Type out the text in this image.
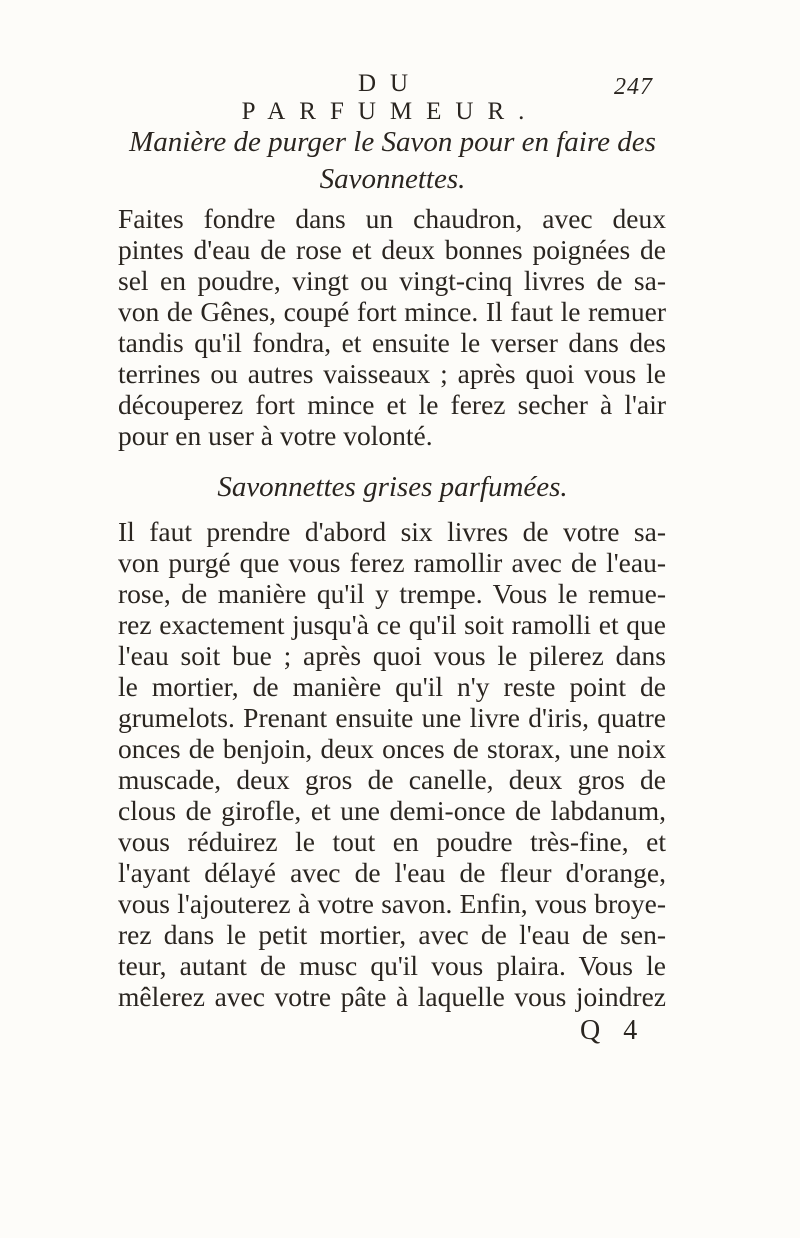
DU PARFUMEUR.
247
Manière de purger le Savon pour en faire des
Savonnettes.
Faites fondre dans un chaudron, avec deux
pintes d'eau de rose et deux bonnes poignées de
sel en poudre, vingt ou vingt-cinq livres de sa-
von de Gênes, coupé fort mince. Il faut le remuer
tandis qu'il fondra, et ensuite le verser dans des
terrines ou autres vaisseaux ; après quoi vous le
découperez fort mince et le ferez secher à l'air
pour en user à votre volonté.
Savonnettes grises parfumées.
Il faut prendre d'abord six livres de votre sa-
von purgé que vous ferez ramollir avec de l'eau-
rose, de manière qu'il y trempe. Vous le remue-
rez exactement jusqu'à ce qu'il soit ramolli et que
l'eau soit bue ; après quoi vous le pilerez dans
le mortier, de manière qu'il n'y reste point de
grumelots. Prenant ensuite une livre d'iris, quatre
onces de benjoin, deux onces de storax, une noix
muscade, deux gros de canelle, deux gros de
clous de girofle, et une demi-once de labdanum,
vous réduirez le tout en poudre très-fine, et
l'ayant délayé avec de l'eau de fleur d'orange,
vous l'ajouterez à votre savon. Enfin, vous broye-
rez dans le petit mortier, avec de l'eau de sen-
teur, autant de musc qu'il vous plaira. Vous le
mêlerez avec votre pâte à laquelle vous joindrez
Q 4
